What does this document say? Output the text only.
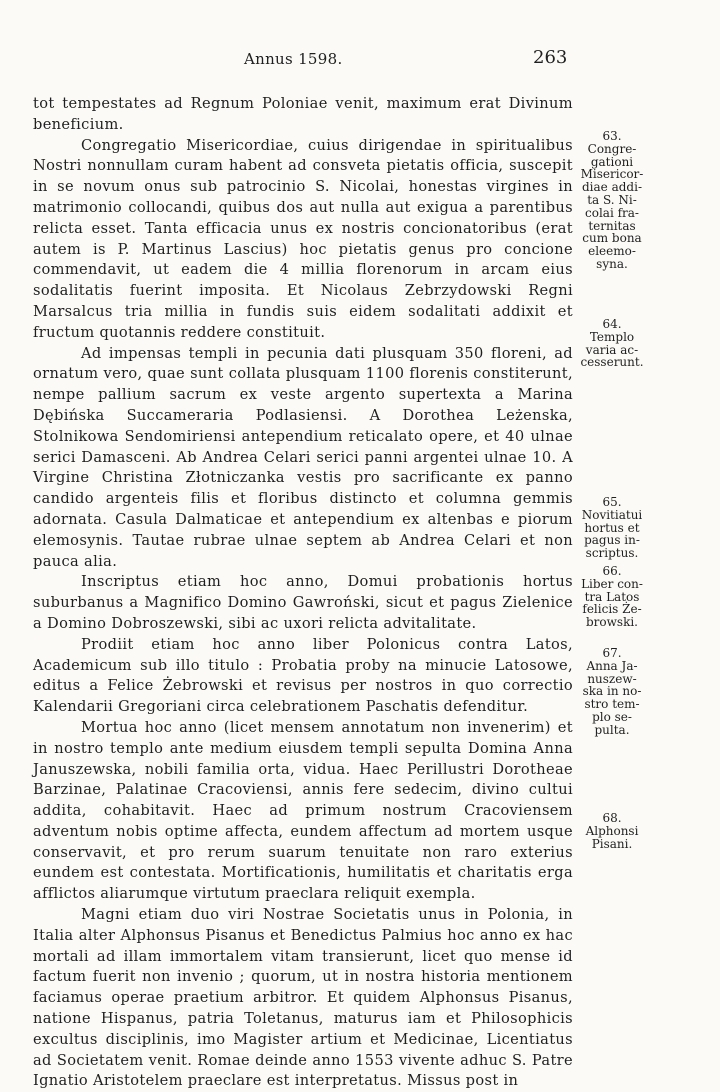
Annus 1598.	263

tot tempestates ad Regnum Poloniae venit, maximum erat Divinum beneficium.

Congregatio Misericordiae, cuius dirigendae in spiritualibus Nostri nonnullam curam habent ad consveta pietatis officia, suscepit in se novum onus sub patrocinio S. Nicolai, honestas virgines in matrimonio collocandi, quibus dos aut nulla aut exigua a parentibus relicta esset. Tanta efficacia unus ex nostris concionatoribus (erat autem is P. Martinus Lascius) hoc pietatis genus pro concione commendavit, ut eadem die 4 millia florenorum in arcam eius sodalitatis fuerint imposita. Et Nicolaus Zebrzydowski Regni Marsalcus tria millia in fundis suis eidem sodalitati addixit et fructum quotannis reddere constituit.

Ad impensas templi in pecunia dati plusquam 350 floreni, ad ornatum vero, quae sunt collata plusquam 1100 florenis constiterunt, nempe pallium sacrum ex veste argento supertexta a Marina Dębińska Succameraria Podlasiensi. A Dorothea Leżenska, Stolnikowa Sendomiriensi antependium reticalato opere, et 40 ulnae serici Damasceni. Ab Andrea Celari serici panni argentei ulnae 10. A Virgine Christina Złotniczanka vestis pro sacrificante ex panno candido argenteis filis et floribus distincto et columna gemmis adornata. Casula Dalmaticae et antependium ex altenbas e piorum elemosynis. Tautae rubrae ulnae septem ab Andrea Celari et non pauca alia.

Inscriptus etiam hoc anno, Domui probationis hortus suburbanus a Magnifico Domino Gawroński, sicut et pagus Zielenice a Domino Dobroszewski, sibi ac uxori relicta advitalitate.

Prodiit etiam hoc anno liber Polonicus contra Latos, Academicum sub illo titulo : Probatia proby na minucie Latosowe, editus a Felice Żebrowski et revisus per nostros in quo correctio Kalendarii Gregoriani circa celebrationem Paschatis defenditur.

Mortua hoc anno (licet mensem annotatum non invenerim) et in nostro templo ante medium eiusdem templi sepulta Domina Anna Januszewska, nobili familia orta, vidua. Haec Perillustri Dorotheae Barzinae, Palatinae Cracoviensi, annis fere sedecim, divino cultui addita, cohabitavit. Haec ad primum nostrum Cracoviensem adventum nobis optime affecta, eundem affectum ad mortem usque conservavit, et pro rerum suarum tenuitate non raro exterius eundem est contestata. Mortificationis, humilitatis et charitatis erga afflictos aliarumque virtutum praeclara reliquit exempla.

Magni etiam duo viri Nostrae Societatis unus in Polonia, in Italia alter Alphonsus Pisanus et Benedictus Palmius hoc anno ex hac mortali ad illam immortalem vitam transierunt, licet quo mense id factum fuerit non invenio ; quorum, ut in nostra historia mentionem faciamus operae praetium arbitror. Et quidem Alphonsus Pisanus, natione Hispanus, patria Toletanus, maturus iam et Philosophicis excultus disciplinis, imo Magister artium et Medicinae, Licentiatus ad Societatem venit. Romae deinde anno 1553 vivente adhuc S. Patre Ignatio Aristotelem praeclare est interpretatus. Missus post in

63.
Congre-
gationi
Misericor-
diae addi-
ta S. Ni-
colai fra-
ternitas
cum bona
eleemo-
syna.
64.
Templo
varia ac-
cesserunt.
65.
Novitiatui
hortus et
pagus in-
scriptus.
66.
Liber con-
tra Latos
felicis Że-
browski.
67.
Anna Ja-
nuszew-
ska in no-
stro tem-
plo se-
pulta.
68.
Alphonsi
Pisani.
